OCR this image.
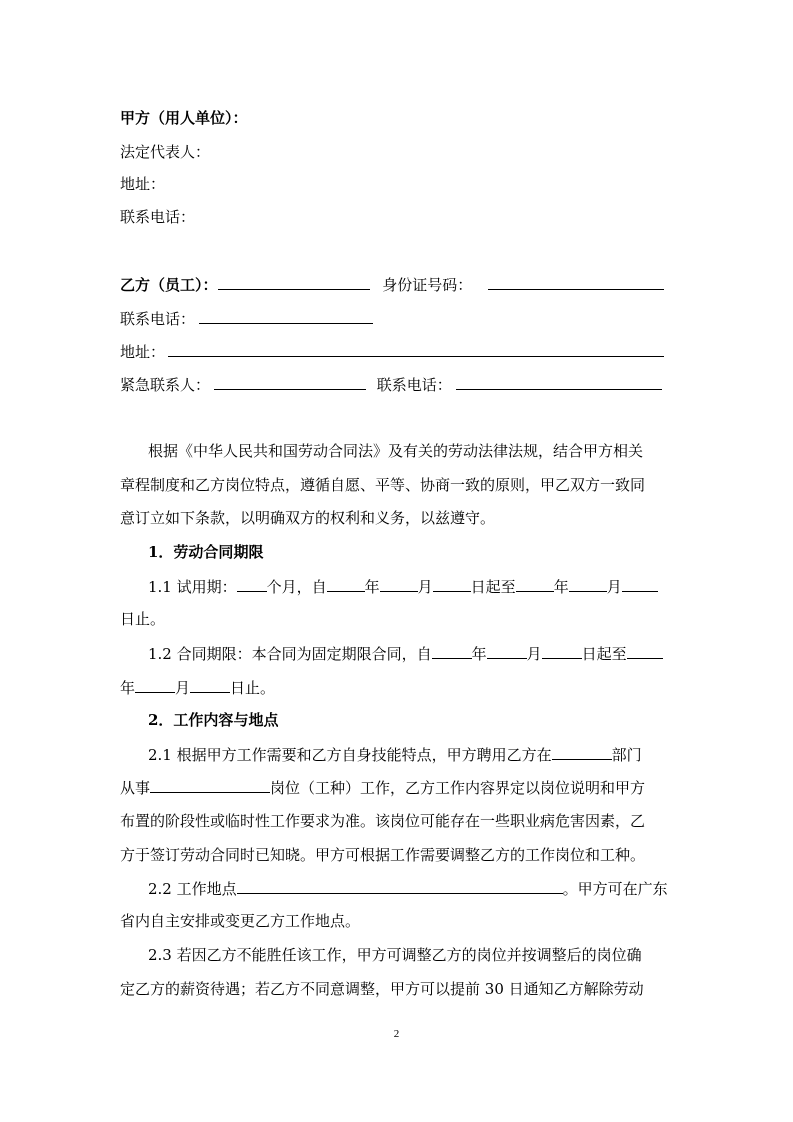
甲方（用人单位）：
法定代表人：
地址：
联系电话：
乙方（员工）：	身份证号码：
联系电话：
地址：
紧急联系人：	联系电话：
根据《中华人民共和国劳动合同法》及有关的劳动法律法规，结合甲方相关
章程制度和乙方岗位特点，遵循自愿、平等、协商一致的原则，甲乙双方一致同
意订立如下条款，以明确双方的权利和义务，以兹遵守。
1．劳动合同期限
1.1 试用期： 个月，自	年	月	日起至	年	月
日止。
1.2 合同期限：本合同为固定期限合同，自	年	月	日起至
年	月	日止。
2．工作内容与地点
2.1 根据甲方工作需要和乙方自身技能特点，甲方聘用乙方在	部门
从事	岗位（工种）工作，乙方工作内容界定以岗位说明和甲方
布置的阶段性或临时性工作要求为准。该岗位可能存在一些职业病危害因素，乙
方于签订劳动合同时已知晓。甲方可根据工作需要调整乙方的工作岗位和工种。
2.2 工作地点	。甲方可在广东
省内自主安排或变更乙方工作地点。
2.3 若因乙方不能胜任该工作，甲方可调整乙方的岗位并按调整后的岗位确
定乙方的薪资待遇；若乙方不同意调整，甲方可以提前 30 日通知乙方解除劳动
2
